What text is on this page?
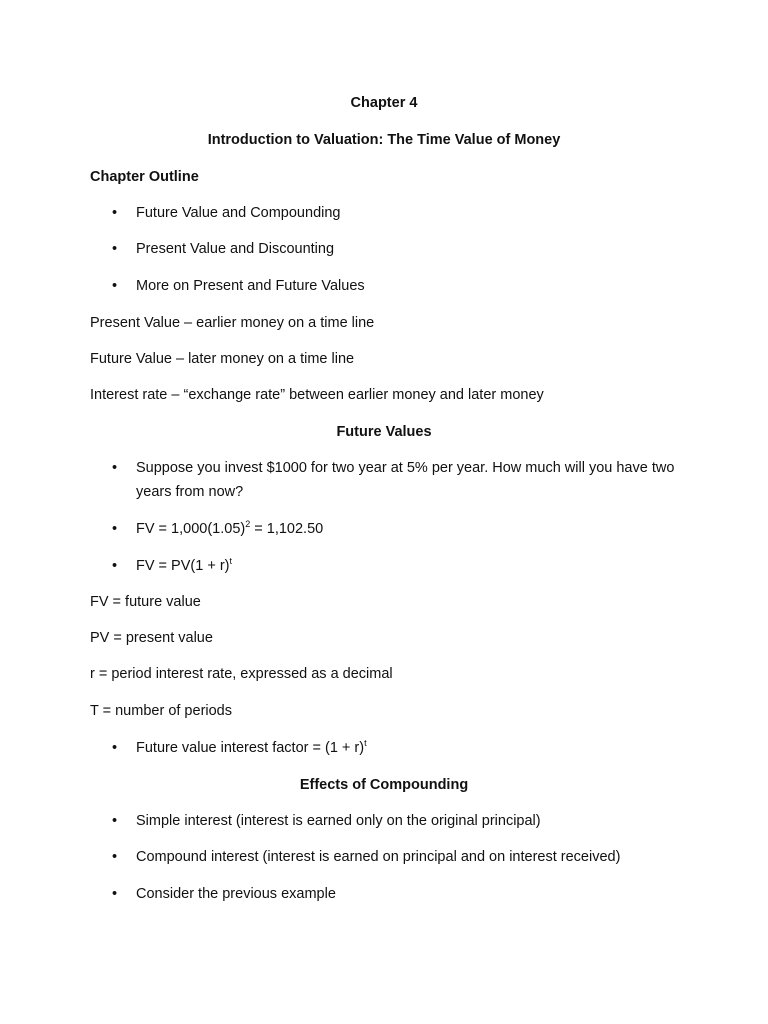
Chapter 4
Introduction to Valuation: The Time Value of Money
Chapter Outline
• Future Value and Compounding
• Present Value and Discounting
• More on Present and Future Values
Present Value – earlier money on a time line
Future Value – later money on a time line
Interest rate – “exchange rate” between earlier money and later money
Future Values
• Suppose you invest $1000 for two year at 5% per year. How much will you have two years from now?
• FV = $1,000(1.05)^2 = 1,102.50$
• FV = $PV(1 + r)^t$
FV = future value
PV = present value
r = period interest rate, expressed as a decimal
T = number of periods
• Future value interest factor = $(1 + r)^t$
Effects of Compounding
• Simple interest (interest is earned only on the original principal)
• Compound interest (interest is earned on principal and on interest received)
• Consider the previous example
